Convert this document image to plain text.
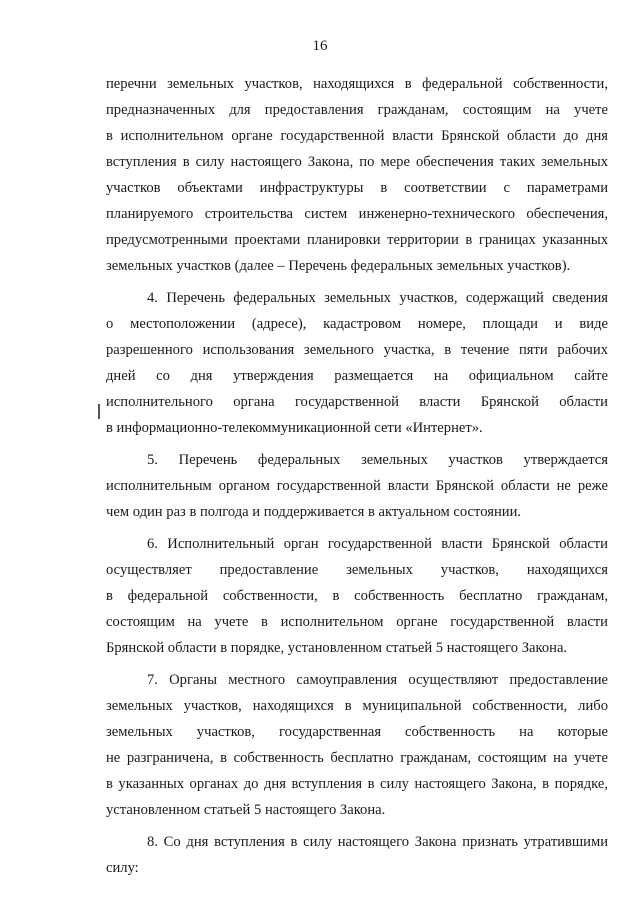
16
перечни земельных участков, находящихся в федеральной собственности,
предназначенных для предоставления гражданам, состоящим на учете
в исполнительном органе государственной власти Брянской области до дня
вступления в силу настоящего Закона, по мере обеспечения таких земельных
участков объектами инфраструктуры в соответствии с параметрами
планируемого строительства систем инженерно-технического обеспечения,
предусмотренными проектами планировки территории в границах указанных
земельных участков (далее – Перечень федеральных земельных участков).
4. Перечень федеральных земельных участков, содержащий сведения
о местоположении (адресе), кадастровом номере, площади и виде
разрешенного использования земельного участка, в течение пяти рабочих
дней со дня утверждения размещается на официальном сайте
исполнительного органа государственной власти Брянской области
в информационно-телекоммуникационной сети «Интернет».
5. Перечень федеральных земельных участков утверждается
исполнительным органом государственной власти Брянской области не реже
чем один раз в полгода и поддерживается в актуальном состоянии.
6. Исполнительный орган государственной власти Брянской области
осуществляет предоставление земельных участков, находящихся
в федеральной собственности, в собственность бесплатно гражданам,
состоящим на учете в исполнительном органе государственной власти
Брянской области в порядке, установленном статьей 5 настоящего Закона.
7. Органы местного самоуправления осуществляют предоставление
земельных участков, находящихся в муниципальной собственности, либо
земельных участков, государственная собственность на которые
не разграничена, в собственность бесплатно гражданам, состоящим на учете
в указанных органах до дня вступления в силу настоящего Закона, в порядке,
установленном статьей 5 настоящего Закона.
8. Со дня вступления в силу настоящего Закона признать утратившими
силу:
